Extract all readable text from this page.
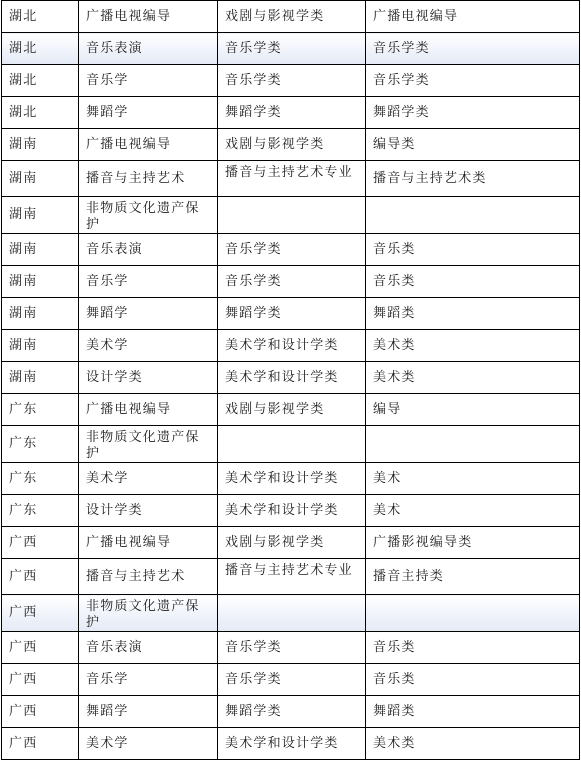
湖北	广播电视编导	戏剧与影视学类	广播电视编导
湖北	音乐表演	音乐学类	音乐学类
湖北	音乐学	音乐学类	音乐学类
湖北	舞蹈学	舞蹈学类	舞蹈学类
湖南	广播电视编导	戏剧与影视学类	编导类
湖南	播音与主持艺术	播音与主持艺术专业	播音与主持艺术类
湖南	非物质文化遗产保护		
湖南	音乐表演	音乐学类	音乐类
湖南	音乐学	音乐学类	音乐类
湖南	舞蹈学	舞蹈学类	舞蹈类
湖南	美术学	美术学和设计学类	美术类
湖南	设计学类	美术学和设计学类	美术类
广东	广播电视编导	戏剧与影视学类	编导
广东	非物质文化遗产保护		
广东	美术学	美术学和设计学类	美术
广东	设计学类	美术学和设计学类	美术
广西	广播电视编导	戏剧与影视学类	广播影视编导类
广西	播音与主持艺术	播音与主持艺术专业	播音主持类
广西	非物质文化遗产保护		
广西	音乐表演	音乐学类	音乐类
广西	音乐学	音乐学类	音乐类
广西	舞蹈学	舞蹈学类	舞蹈类
广西	美术学	美术学和设计学类	美术类
